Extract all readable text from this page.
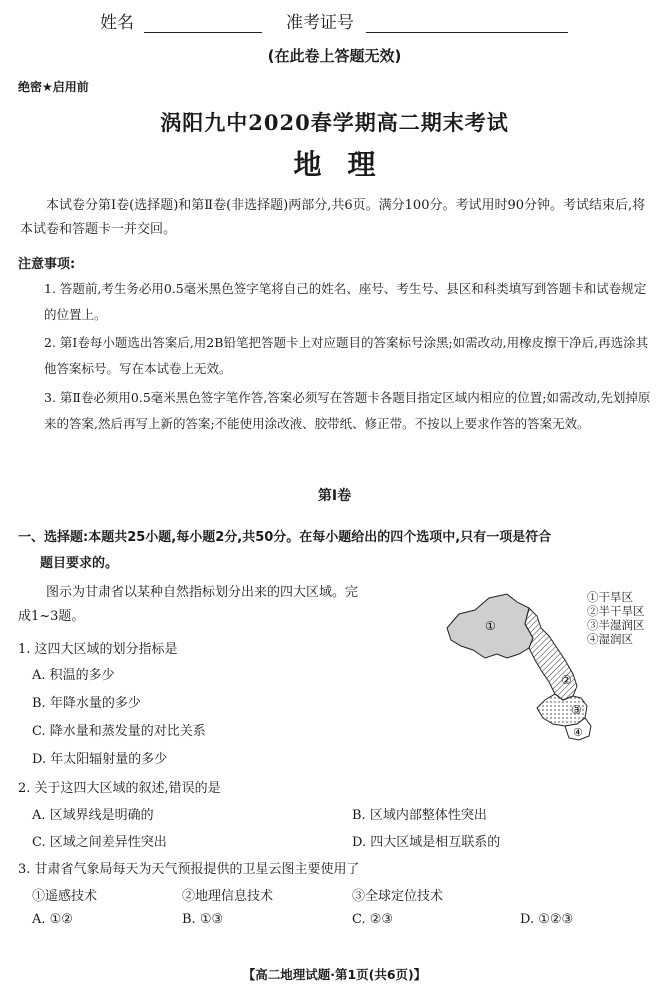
姓名	准考证号
(在此卷上答题无效)
绝密★启用前
涡阳九中2020春学期高二期末考试
地理
本试卷分第Ⅰ卷(选择题)和第Ⅱ卷(非选择题)两部分,共6页。满分100分。考试用时90分钟。考试结束后,将本试卷和答题卡一并交回。
注意事项:
1. 答题前,考生务必用0.5毫米黑色签字笔将自己的姓名、座号、考生号、县区和科类填写到答题卡和试卷规定的位置上。
2. 第Ⅰ卷每小题选出答案后,用2B铅笔把答题卡上对应题目的答案标号涂黑;如需改动,用橡皮擦干净后,再选涂其他答案标号。写在本试卷上无效。
3. 第Ⅱ卷必须用0.5毫米黑色签字笔作答,答案必须写在答题卡各题目指定区域内相应的位置;如需改动,先划掉原来的答案,然后再写上新的答案;不能使用涂改液、胶带纸、修正带。不按以上要求作答的答案无效。
第Ⅰ卷
一、选择题:本题共25小题,每小题2分,共50分。在每小题给出的四个选项中,只有一项是符合
题目要求的。
图示为甘肃省以某种自然指标划分出来的四大区域。完
成1~3题。
①
②
③
④
①干旱区
②半干旱区
③半湿润区
④湿润区
1. 这四大区域的划分指标是
A. 积温的多少
B. 年降水量的多少
C. 降水量和蒸发量的对比关系
D. 年太阳辐射量的多少
2. 关于这四大区域的叙述,错误的是
A. 区域界线是明确的	B. 区域内部整体性突出
C. 区域之间差异性突出	D. 四大区域是相互联系的
3. 甘肃省气象局每天为天气预报提供的卫星云图主要使用了
①遥感技术	②地理信息技术	③全球定位技术
A. ①②	B. ①③	C. ②③	D. ①②③
【高二地理试题·第1页(共6页)】
